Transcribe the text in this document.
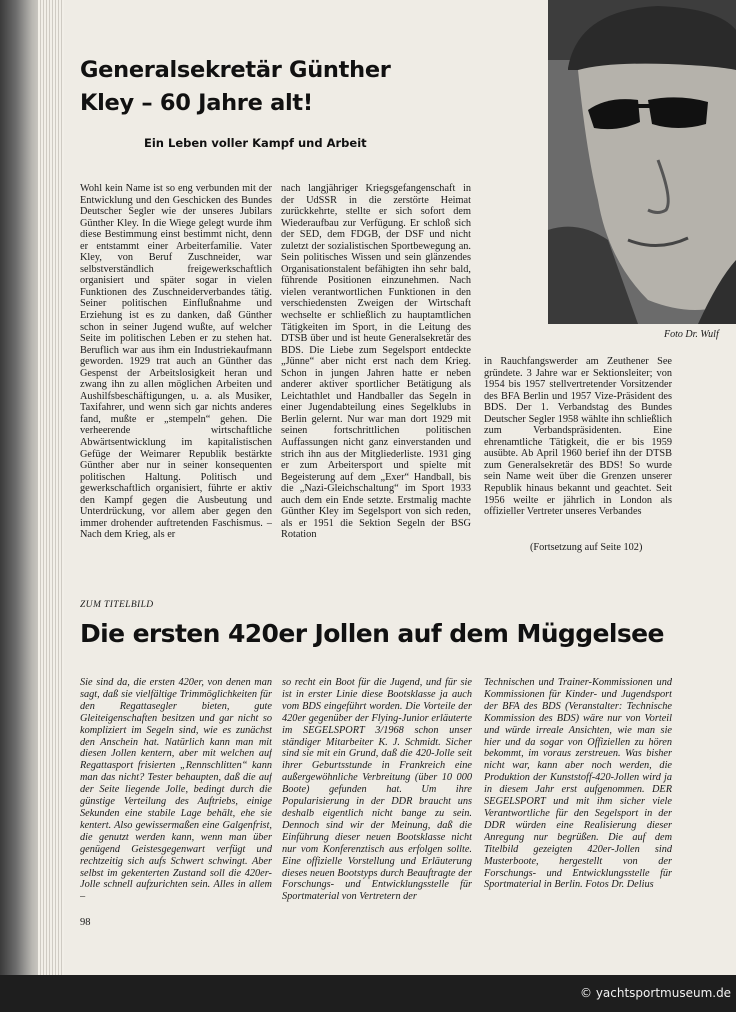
Foto Dr. Wulf
Generalsekretär Günther Kley – 60 Jahre alt!
Ein Leben voller Kampf und Arbeit
Wohl kein Name ist so eng verbunden mit der Entwicklung und den Geschicken des Bundes Deutscher Segler wie der unseres Jubilars Günther Kley. In die Wiege gelegt wurde ihm diese Bestimmung einst bestimmt nicht, denn er entstammt einer Arbeiterfamilie. Vater Kley, von Beruf Zuschneider, war selbstverständlich freigewerkschaftlich organisiert und später sogar in vielen Funktionen des Zuschneiderverbandes tätig. Seiner politischen Einflußnahme und Erziehung ist es zu danken, daß Günther schon in seiner Jugend wußte, auf welcher Seite im politischen Leben er zu stehen hat. Beruflich war aus ihm ein Industriekaufmann geworden. 1929 trat auch an Günther das Gespenst der Arbeitslosigkeit heran und zwang ihn zu allen möglichen Arbeiten und Aushilfsbeschäftigungen, u. a. als Musiker, Taxifahrer, und wenn sich gar nichts anderes fand, mußte er „stempeln“ gehen. Die verheerende wirtschaftliche Abwärtsentwicklung im kapitalistischen Gefüge der Weimarer Republik bestärkte Günther aber nur in seiner konsequenten politischen Haltung. Politisch und gewerkschaftlich organisiert, führte er aktiv den Kampf gegen die Ausbeutung und Unterdrückung, vor allem aber gegen den immer drohender auftretenden Faschismus. – Nach dem Krieg, als er
nach langjähriger Kriegsgefangenschaft in der UdSSR in die zerstörte Heimat zurückkehrte, stellte er sich sofort dem Wiederaufbau zur Verfügung. Er schloß sich der SED, dem FDGB, der DSF und nicht zuletzt der sozialistischen Sportbewegung an. Sein politisches Wissen und sein glänzendes Organisationstalent befähigten ihn sehr bald, führende Positionen einzunehmen. Nach vielen verantwortlichen Funktionen in den verschiedensten Zweigen der Wirtschaft wechselte er schließlich zu hauptamtlichen Tätigkeiten im Sport, in die Leitung des DTSB über und ist heute Generalsekretär des BDS. Die Liebe zum Segelsport entdeckte „Jünne“ aber nicht erst nach dem Krieg. Schon in jungen Jahren hatte er neben anderer aktiver sportlicher Betätigung als Leichtathlet und Handballer das Segeln in einer Jugendabteilung eines Segelklubs in Berlin gelernt. Nur war man dort 1929 mit seinen fortschrittlichen politischen Auffassungen nicht ganz einverstanden und strich ihn aus der Mitgliederliste. 1931 ging er zum Arbeitersport und spielte mit Begeisterung auf dem „Exer“ Handball, bis die „Nazi-Gleichschaltung“ im Sport 1933 auch dem ein Ende setzte. Erstmalig machte Günther Kley im Segelsport von sich reden, als er 1951 die Sektion Segeln der BSG Rotation
in Rauchfangswerder am Zeuthener See gründete. 3 Jahre war er Sektionsleiter; von 1954 bis 1957 stellvertretender Vorsitzender des BFA Berlin und 1957 Vize-Präsident des BDS. Der 1. Verbandstag des Bundes Deutscher Segler 1958 wählte ihn schließlich zum Verbandspräsidenten. Eine ehrenamtliche Tätigkeit, die er bis 1959 ausübte. Ab April 1960 berief ihn der DTSB zum Generalsekretär des BDS! So wurde sein Name weit über die Grenzen unserer Republik hinaus bekannt und geachtet. Seit 1956 weilte er jährlich in London als offizieller Vertreter unseres Verbandes
(Fortsetzung auf Seite 102)
ZUM TITELBILD
Die ersten 420er Jollen auf dem Müggelsee
Sie sind da, die ersten 420er, von denen man sagt, daß sie vielfältige Trimmöglichkeiten für den Regattasegler bieten, gute Gleiteigenschaften besitzen und gar nicht so kompliziert im Segeln sind, wie es zunächst den Anschein hat. Natürlich kann man mit diesen Jollen kentern, aber mit welchen auf Regattasport frisierten „Rennschlitten“ kann man das nicht? Tester behaupten, daß die auf der Seite liegende Jolle, bedingt durch die günstige Verteilung des Auftriebs, einige Sekunden eine stabile Lage behält, ehe sie kentert. Also gewissermaßen eine Galgenfrist, die genutzt werden kann, wenn man über genügend Geistesgegenwart verfügt und rechtzeitig sich aufs Schwert schwingt. Aber selbst im gekenterten Zustand soll die 420er-Jolle schnell aufzurichten sein. Alles in allem –
so recht ein Boot für die Jugend, und für sie ist in erster Linie diese Bootsklasse ja auch vom BDS eingeführt worden. Die Vorteile der 420er gegenüber der Flying-Junior erläuterte im SEGELSPORT 3/1968 schon unser ständiger Mitarbeiter K. J. Schmidt. Sicher sind sie mit ein Grund, daß die 420-Jolle seit ihrer Geburtsstunde in Frankreich eine außergewöhnliche Verbreitung (über 10 000 Boote) gefunden hat. Um ihre Popularisierung in der DDR braucht uns deshalb eigentlich nicht bange zu sein. Dennoch sind wir der Meinung, daß die Einführung dieser neuen Bootsklasse nicht nur vom Konferenztisch aus erfolgen sollte. Eine offizielle Vorstellung und Erläuterung dieses neuen Bootstyps durch Beauftragte der Forschungs- und Entwicklungsstelle für Sportmaterial von Vertretern der
Technischen und Trainer-Kommissionen und Kommissionen für Kinder- und Jugendsport der BFA des BDS (Veranstalter: Technische Kommission des BDS) wäre nur von Vorteil und würde irreale Ansichten, wie man sie hier und da sogar von Offiziellen zu hören bekommt, im voraus zerstreuen. Was bisher nicht war, kann aber noch werden, die Produktion der Kunststoff-420-Jollen wird ja in diesem Jahr erst aufgenommen. DER SEGELSPORT und mit ihm sicher viele Verantwortliche für den Segelsport in der DDR würden eine Realisierung dieser Anregung nur begrüßen. Die auf dem Titelbild gezeigten 420er-Jollen sind Musterboote, hergestellt von der Forschungs- und Entwicklungsstelle für Sportmaterial in Berlin. Fotos Dr. Delius
98
© yachtsportmuseum.de
